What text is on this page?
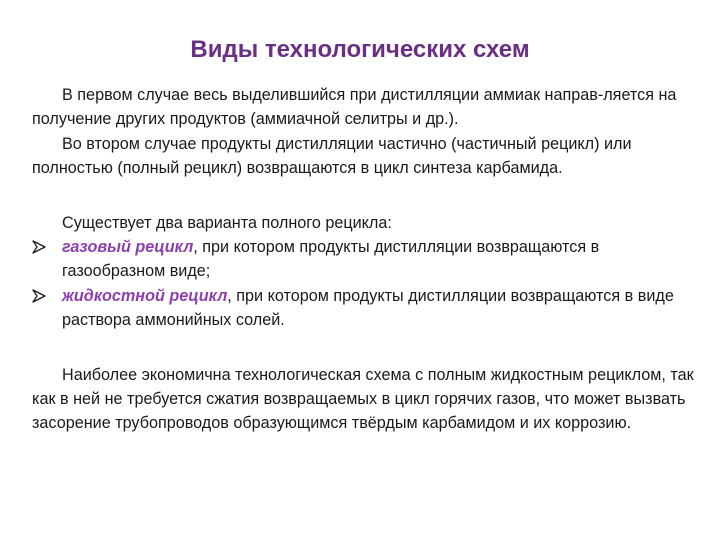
Виды технологических схем

В первом случае весь выделившийся при дистилляции аммиак направ-ляется на получение других продуктов (аммиачной селитры и др.).

Во втором случае продукты дистилляции частично (частичный рецикл) или полностью (полный рецикл) возвращаются в цикл синтеза карбамида.

Существует два варианта полного рецикла:

газовый рецикл, при котором продукты дистилляции возвращаются в газообразном виде;

жидкостной рецикл, при котором продукты дистилляции возвращаются в виде раствора аммонийных солей.

Наиболее экономична технологическая схема с полным жидкостным рециклом, так как в ней не требуется сжатия возвращаемых в цикл горячих газов, что может вызвать засорение трубопроводов образующимся твёрдым карбамидом и их коррозию.
